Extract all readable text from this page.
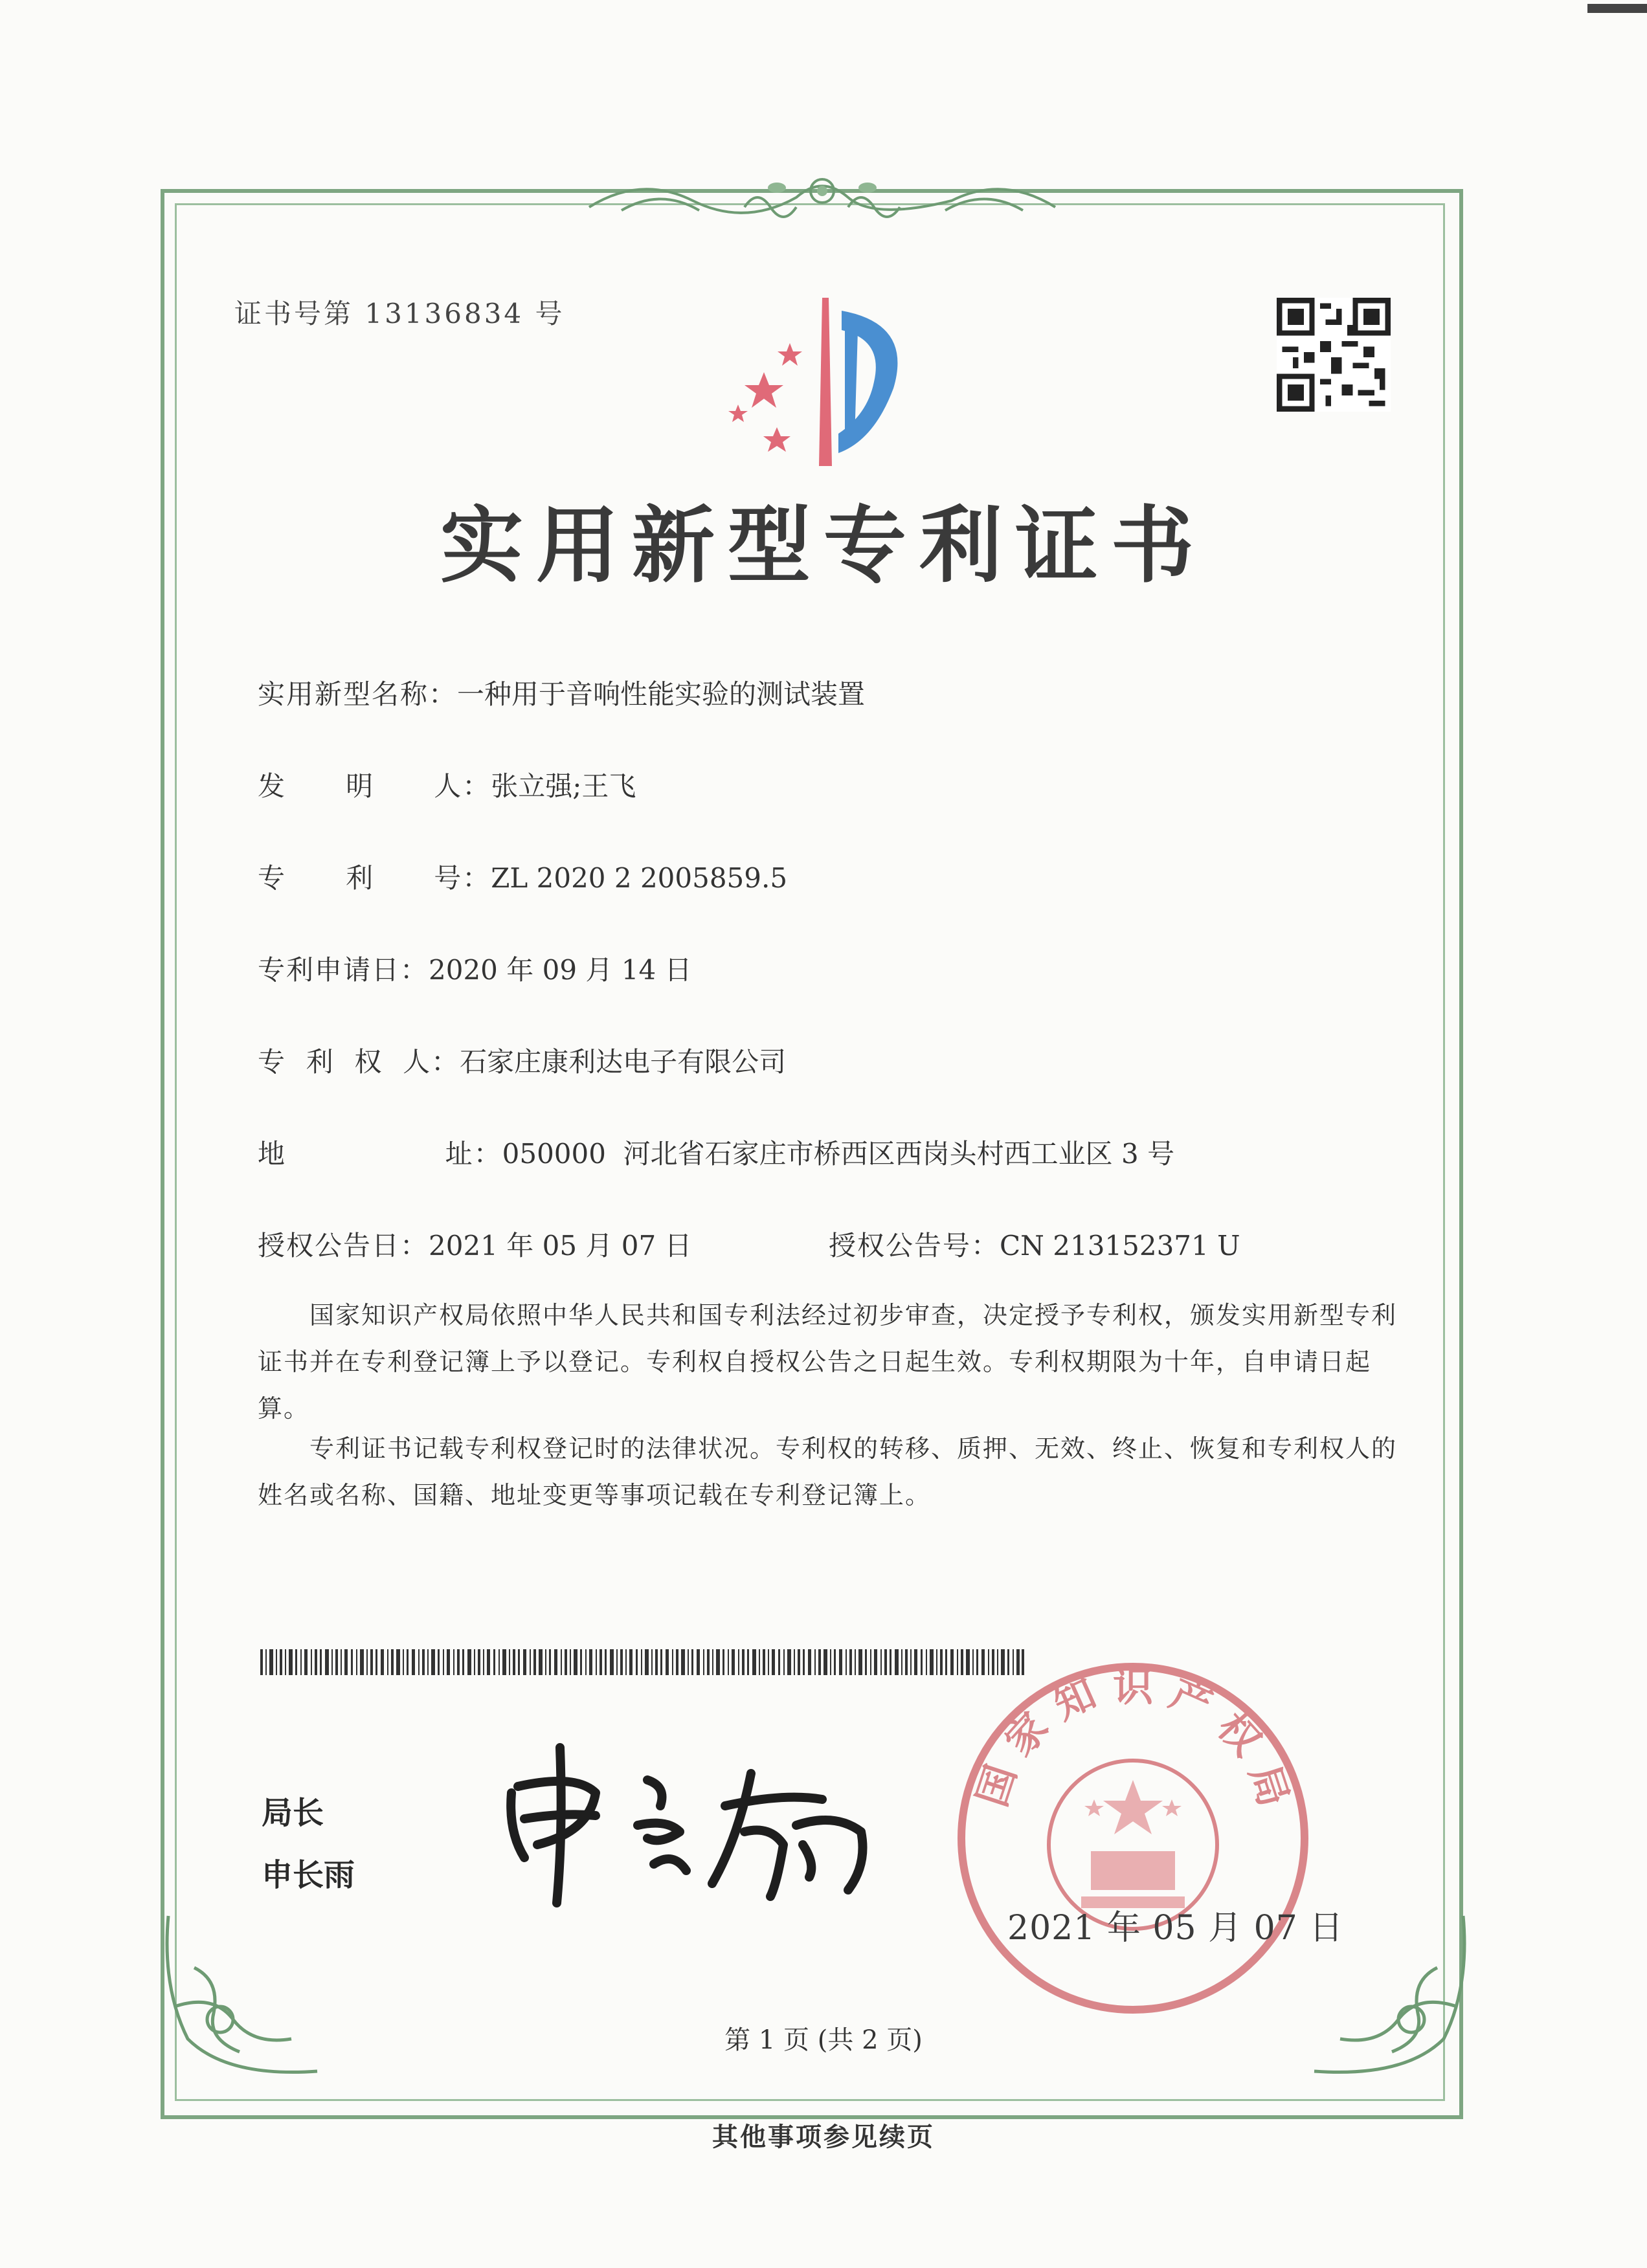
证书号第 13136834 号
实用新型专利证书
实用新型名称：一种用于音响性能实验的测试装置
发      明      人：张立强;王飞
专      利      号：ZL 2020 2 2005859.5
专利申请日：2020 年 09 月 14 日
专  利  权  人：石家庄康利达电子有限公司
地                址：050000  河北省石家庄市桥西区西岗头村西工业区 3 号
授权公告日：2021 年 05 月 07 日	授权公告号：CN 213152371 U
国家知识产权局依照中华人民共和国专利法经过初步审查，决定授予专利权，颁发实用新型专利证书并在专利登记簿上予以登记。专利权自授权公告之日起生效。专利权期限为十年，自申请日起算。
专利证书记载专利权登记时的法律状况。专利权的转移、质押、无效、终止、恢复和专利权人的姓名或名称、国籍、地址变更等事项记载在专利登记簿上。
局长
申长雨
国 家 知 识 产 权 局
2021 年 05 月 07 日
第 1 页 (共 2 页)
其他事项参见续页
